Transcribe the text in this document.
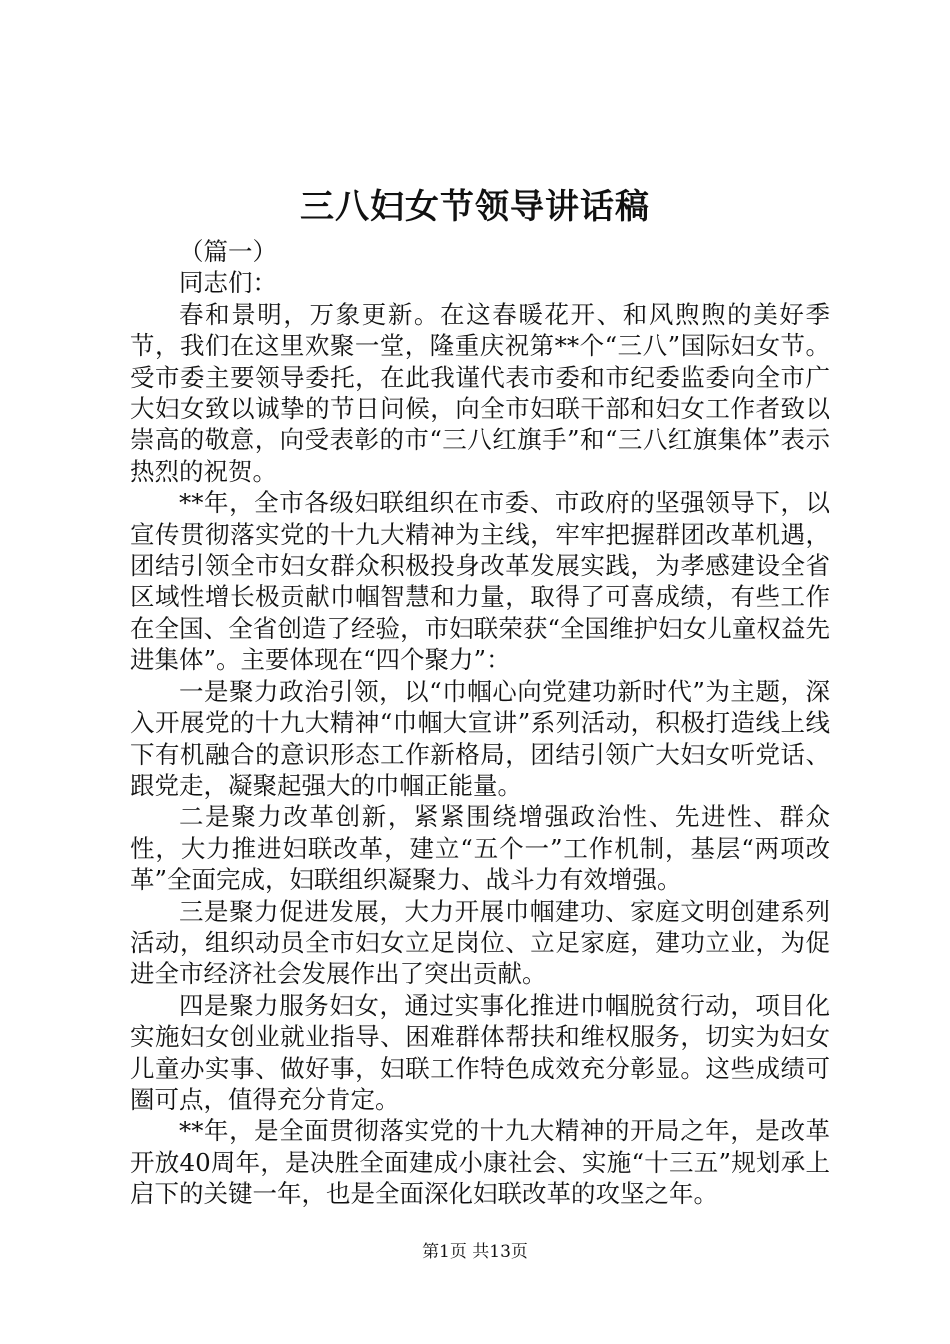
三八妇女节领导讲话稿

（篇一）

同志们：

春和景明，万象更新。在这春暖花开、和风煦煦的美好季节，我们在这里欢聚一堂，隆重庆祝第**个“三八”国际妇女节。受市委主要领导委托，在此我谨代表市委和市纪委监委向全市广大妇女致以诚挚的节日问候，向全市妇联干部和妇女工作者致以崇高的敬意，向受表彰的市“三八红旗手”和“三八红旗集体”表示热烈的祝贺。

**年，全市各级妇联组织在市委、市政府的坚强领导下，以宣传贯彻落实党的十九大精神为主线，牢牢把握群团改革机遇，团结引领全市妇女群众积极投身改革发展实践，为孝感建设全省区域性增长极贡献巾帼智慧和力量，取得了可喜成绩，有些工作在全国、全省创造了经验，市妇联荣获“全国维护妇女儿童权益先进集体”。主要体现在“四个聚力”：

一是聚力政治引领，以“巾帼心向党建功新时代”为主题，深入开展党的十九大精神“巾帼大宣讲”系列活动，积极打造线上线下有机融合的意识形态工作新格局，团结引领广大妇女听党话、跟党走，凝聚起强大的巾帼正能量。

二是聚力改革创新，紧紧围绕增强政治性、先进性、群众性，大力推进妇联改革，建立“五个一”工作机制，基层“两项改革”全面完成，妇联组织凝聚力、战斗力有效增强。

三是聚力促进发展，大力开展巾帼建功、家庭文明创建系列活动，组织动员全市妇女立足岗位、立足家庭，建功立业，为促进全市经济社会发展作出了突出贡献。

四是聚力服务妇女，通过实事化推进巾帼脱贫行动，项目化实施妇女创业就业指导、困难群体帮扶和维权服务，切实为妇女儿童办实事、做好事，妇联工作特色成效充分彰显。这些成绩可圈可点，值得充分肯定。

**年，是全面贯彻落实党的十九大精神的开局之年，是改革开放40周年，是决胜全面建成小康社会、实施“十三五”规划承上启下的关键一年，也是全面深化妇联改革的攻坚之年。

第1页 共13页
